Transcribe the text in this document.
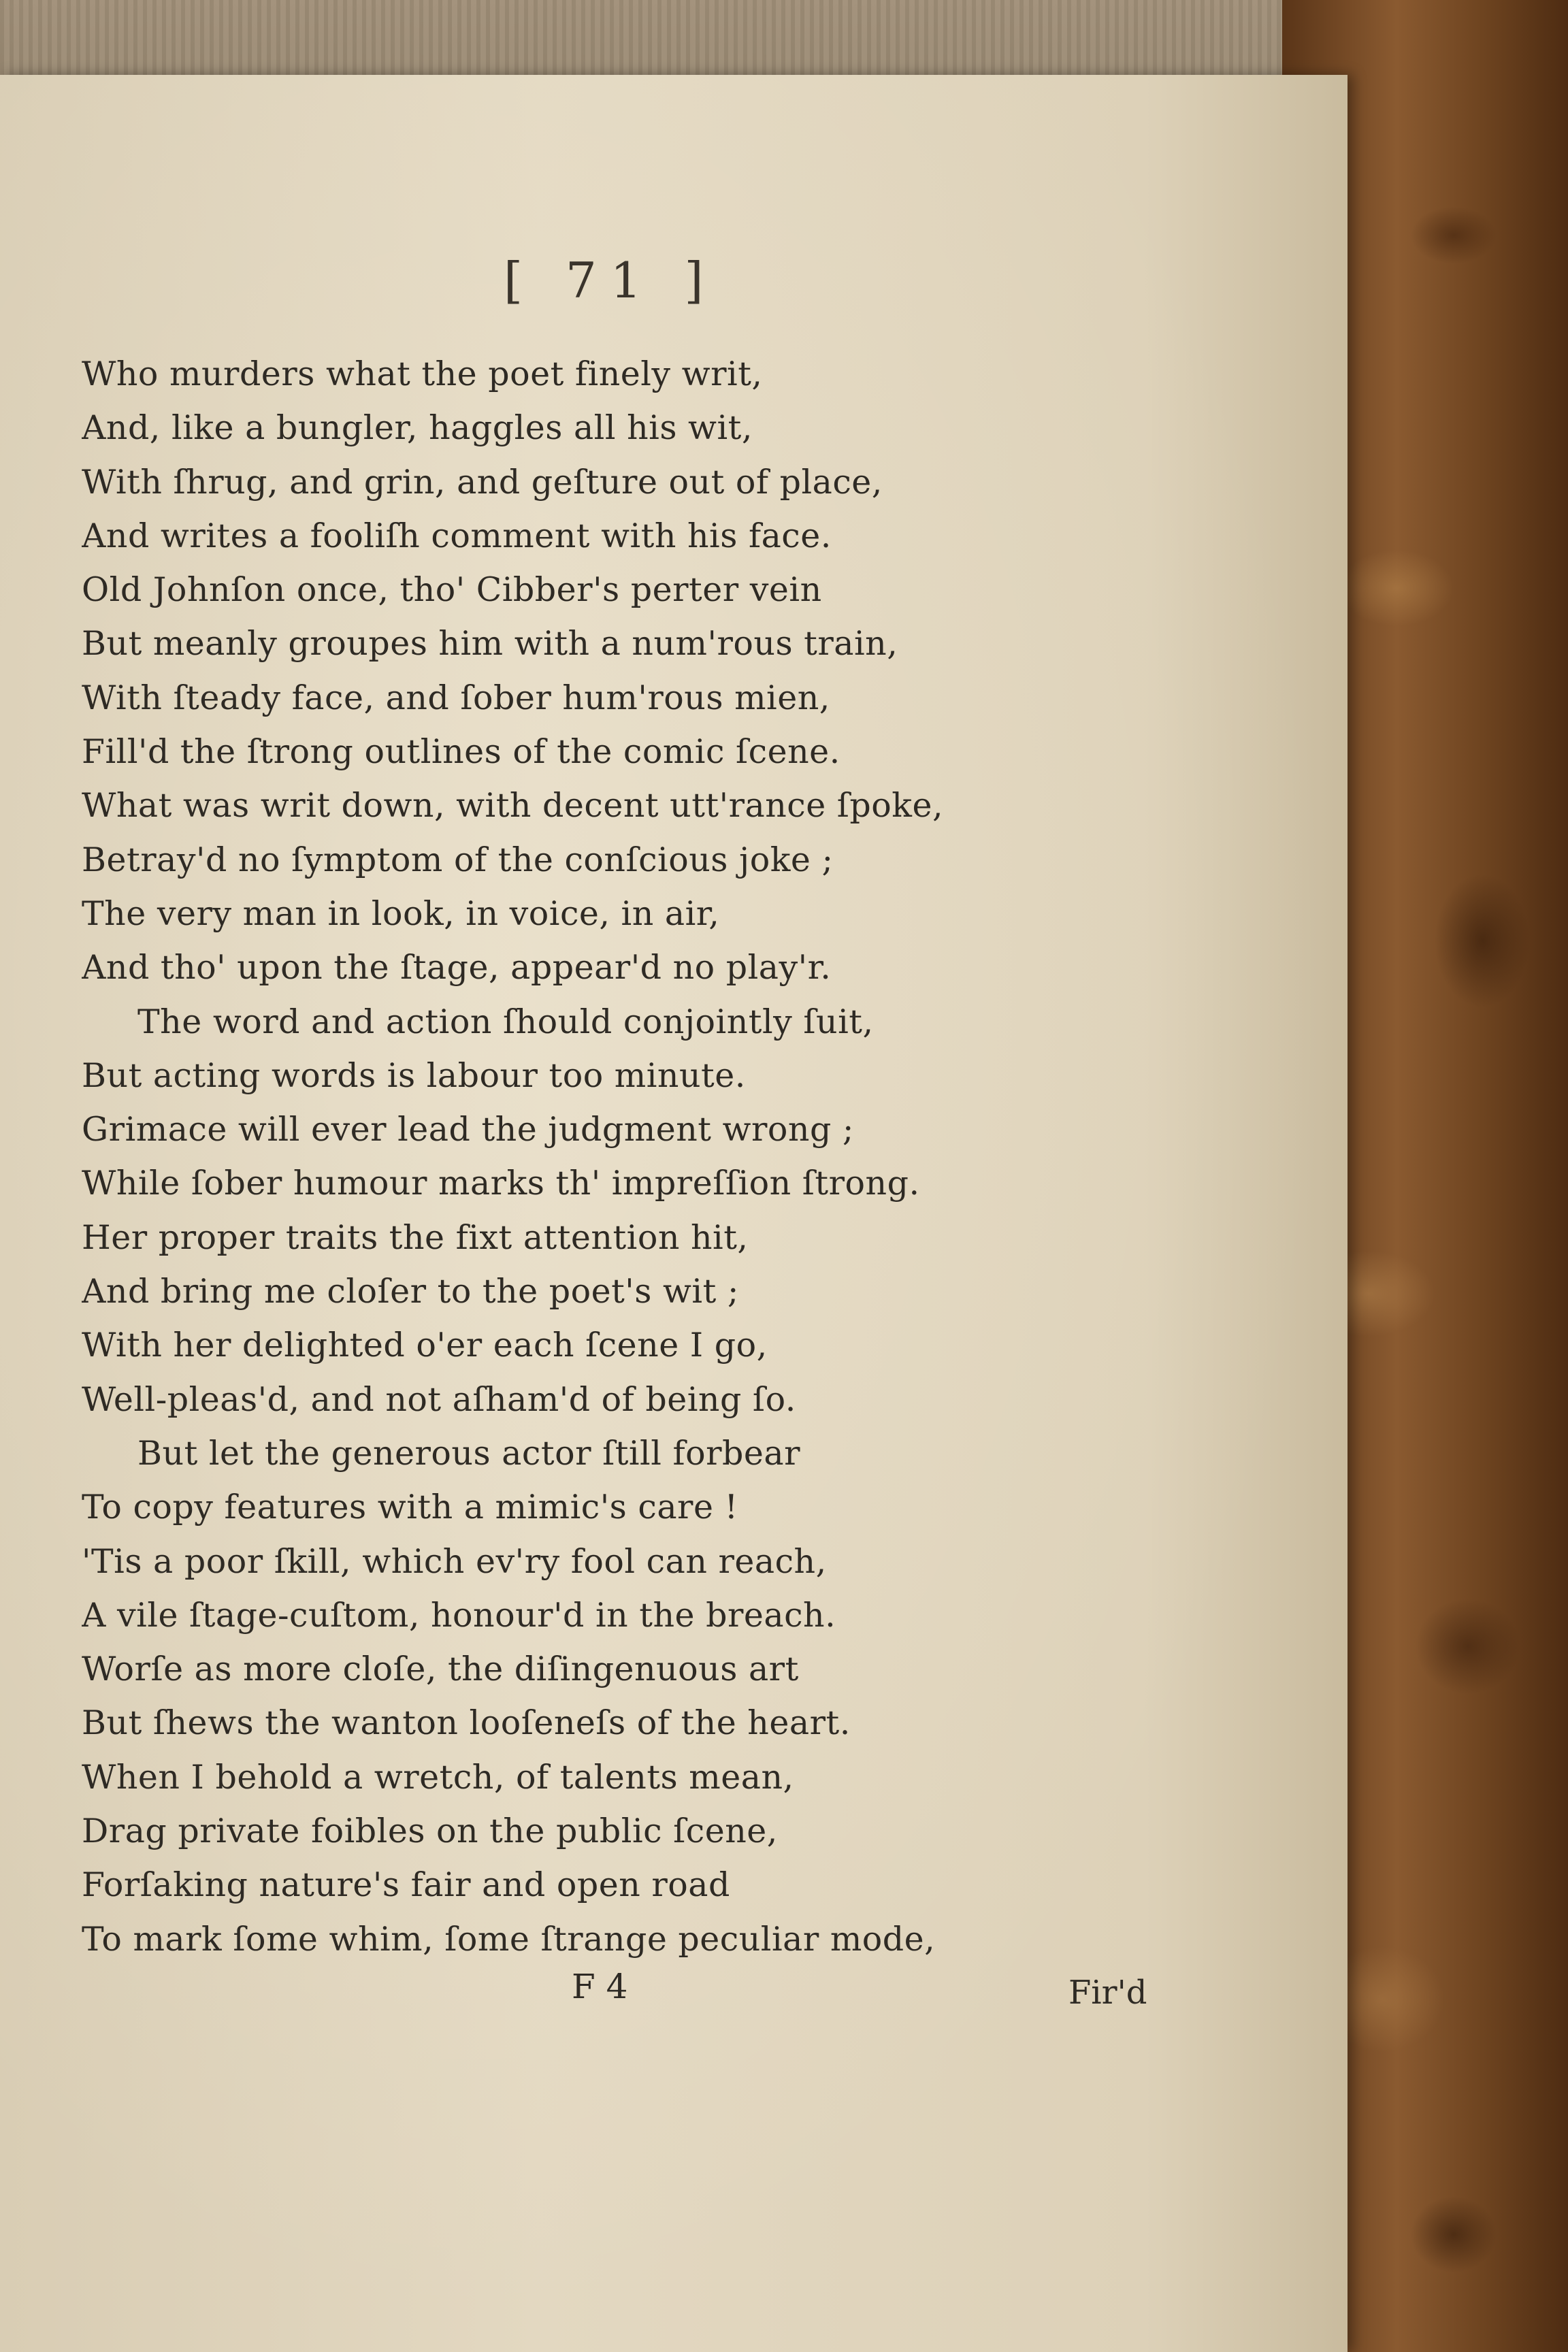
[ 71 ]
Who murders what the poet finely writ,
And, like a bungler, haggles all his wit,
With ſhrug, and grin, and geſture out of place,
And writes a fooliſh comment with his face.
Old Johnſon once, tho' Cibber's perter vein
But meanly groupes him with a num'rous train,
With ſteady face, and ſober hum'rous mien,
Fill'd the ſtrong outlines of the comic ſcene.
What was writ down, with decent utt'rance ſpoke,
Betray'd no ſymptom of the conſcious joke ;
The very man in look, in voice, in air,
And tho' upon the ſtage, appear'd no play'r.
The word and action ſhould conjointly ſuit,
But acting words is labour too minute.
Grimace will ever lead the judgment wrong ;
While ſober humour marks th' impreſſion ſtrong.
Her proper traits the fixt attention hit,
And bring me cloſer to the poet's wit ;
With her delighted o'er each ſcene I go,
Well-pleas'd, and not aſham'd of being ſo.
But let the generous actor ſtill forbear
To copy features with a mimic's care !
'Tis a poor ſkill, which ev'ry fool can reach,
A vile ſtage-cuſtom, honour'd in the breach.
Worſe as more cloſe, the diſingenuous art
But ſhews the wanton looſeneſs of the heart.
When I behold a wretch, of talents mean,
Drag private foibles on the public ſcene,
Forſaking nature's fair and open road
To mark ſome whim, ſome ſtrange peculiar mode,
F 4	Fir'd
